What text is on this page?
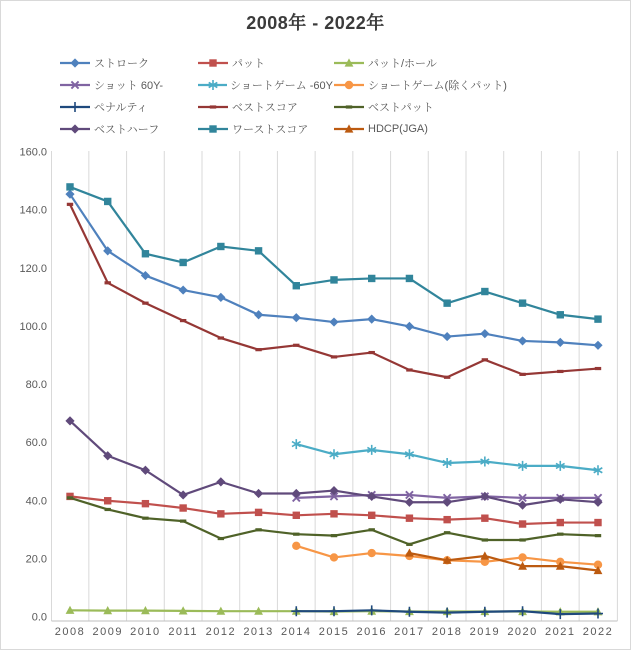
2008年 - 2022年
ストローク	パット	パット/ホール
ショット 60Y-	ショートゲーム -60Y	ショートゲーム(除くパット)
ペナルティ	ベストスコア	ベストパット
ベストハーフ	ワーストスコア	HDCP(JGA)
0.0
20.0
40.0
60.0
80.0
100.0
120.0
140.0
160.0
2008 2009 2010 2011 2012 2013 2014 2015 2016 2017 2018 2019 2020 2021 2022
